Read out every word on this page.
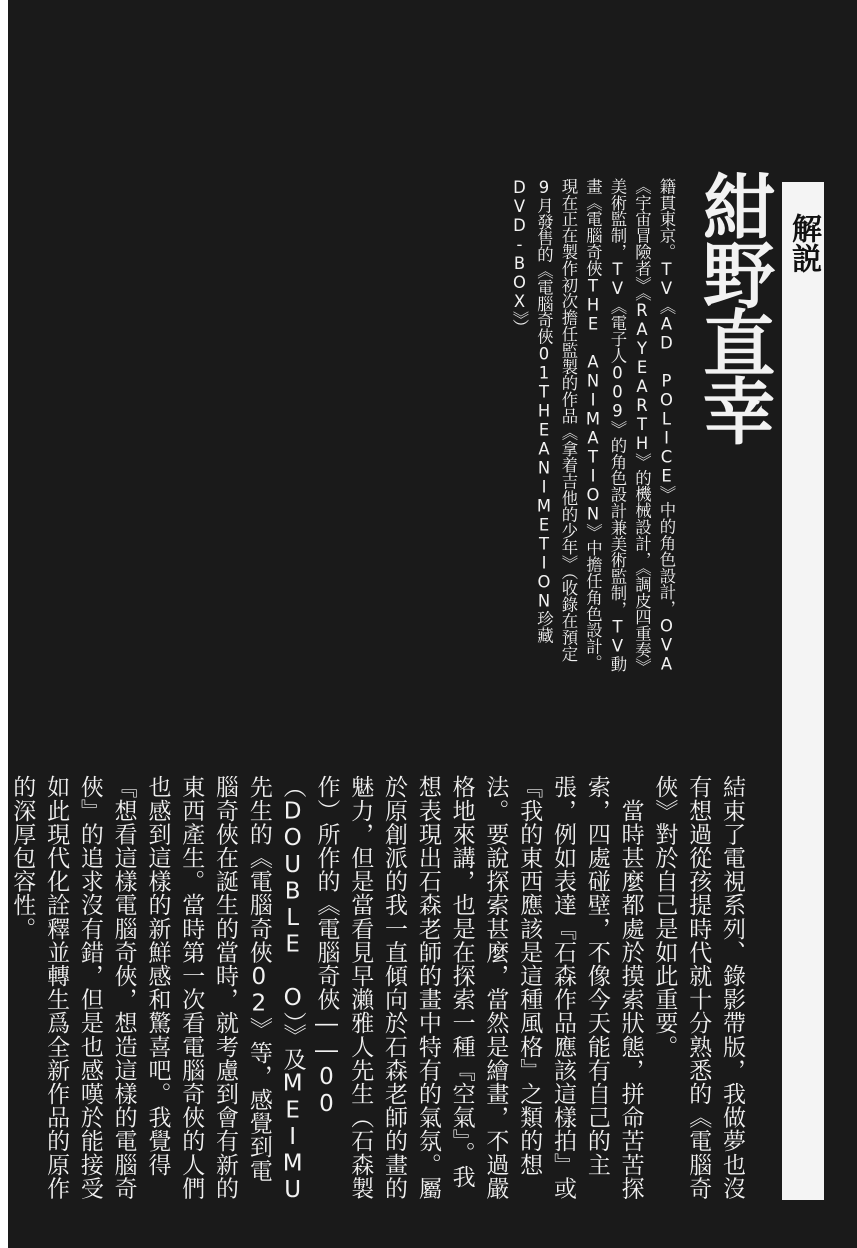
解説
紺野直幸
籍貫東京。TV《AD POLICE》中的角色設計，OVA《宇宙冒險者》《RAYEARTH》的機械設計，《調皮四重奏》美術監制，TV《電子人009》的角色設計兼美術監制，TV動畫《電腦奇俠THE ANIMATION》中擔任角色設計。現在正在製作初次擔任監製的作品《拿着吉他的少年》（收錄在預定9月發售的《電腦奇俠01THEANIMETION珍藏DVD-BOX》）
結束了電視系列、錄影帶版，我做夢也沒有想過從孩提時代就十分熟悉的《電腦奇俠》對於自己是如此重要。
　當時甚麼都處於摸索狀態，拼命苦苦探索，四處碰壁，不像今天能有自己的主張，例如表達『石森作品應該這樣拍』或『我的東西應該是這種風格』之類的想法。要說探索甚麼，當然是繪畫，不過嚴格地來講，也是在探索一種『空氣』。我想表現出石森老師的畫中特有的氣氛。屬於原創派的我一直傾向於石森老師的畫的魅力，但是當看見早瀨雅人先生（石森製作）所作的《電腦奇俠――00（DOUBLE O）》及MEIMU先生的《電腦奇俠02》等，感覺到電腦奇俠在誕生的當時，就考慮到會有新的東西產生。當時第一次看電腦奇俠的人們也感到這樣的新鮮感和驚喜吧。我覺得『想看這樣電腦奇俠，想造這樣的電腦奇俠』的追求沒有錯，但是也感嘆於能接受如此現代化詮釋並轉生爲全新作品的原作的深厚包容性。
